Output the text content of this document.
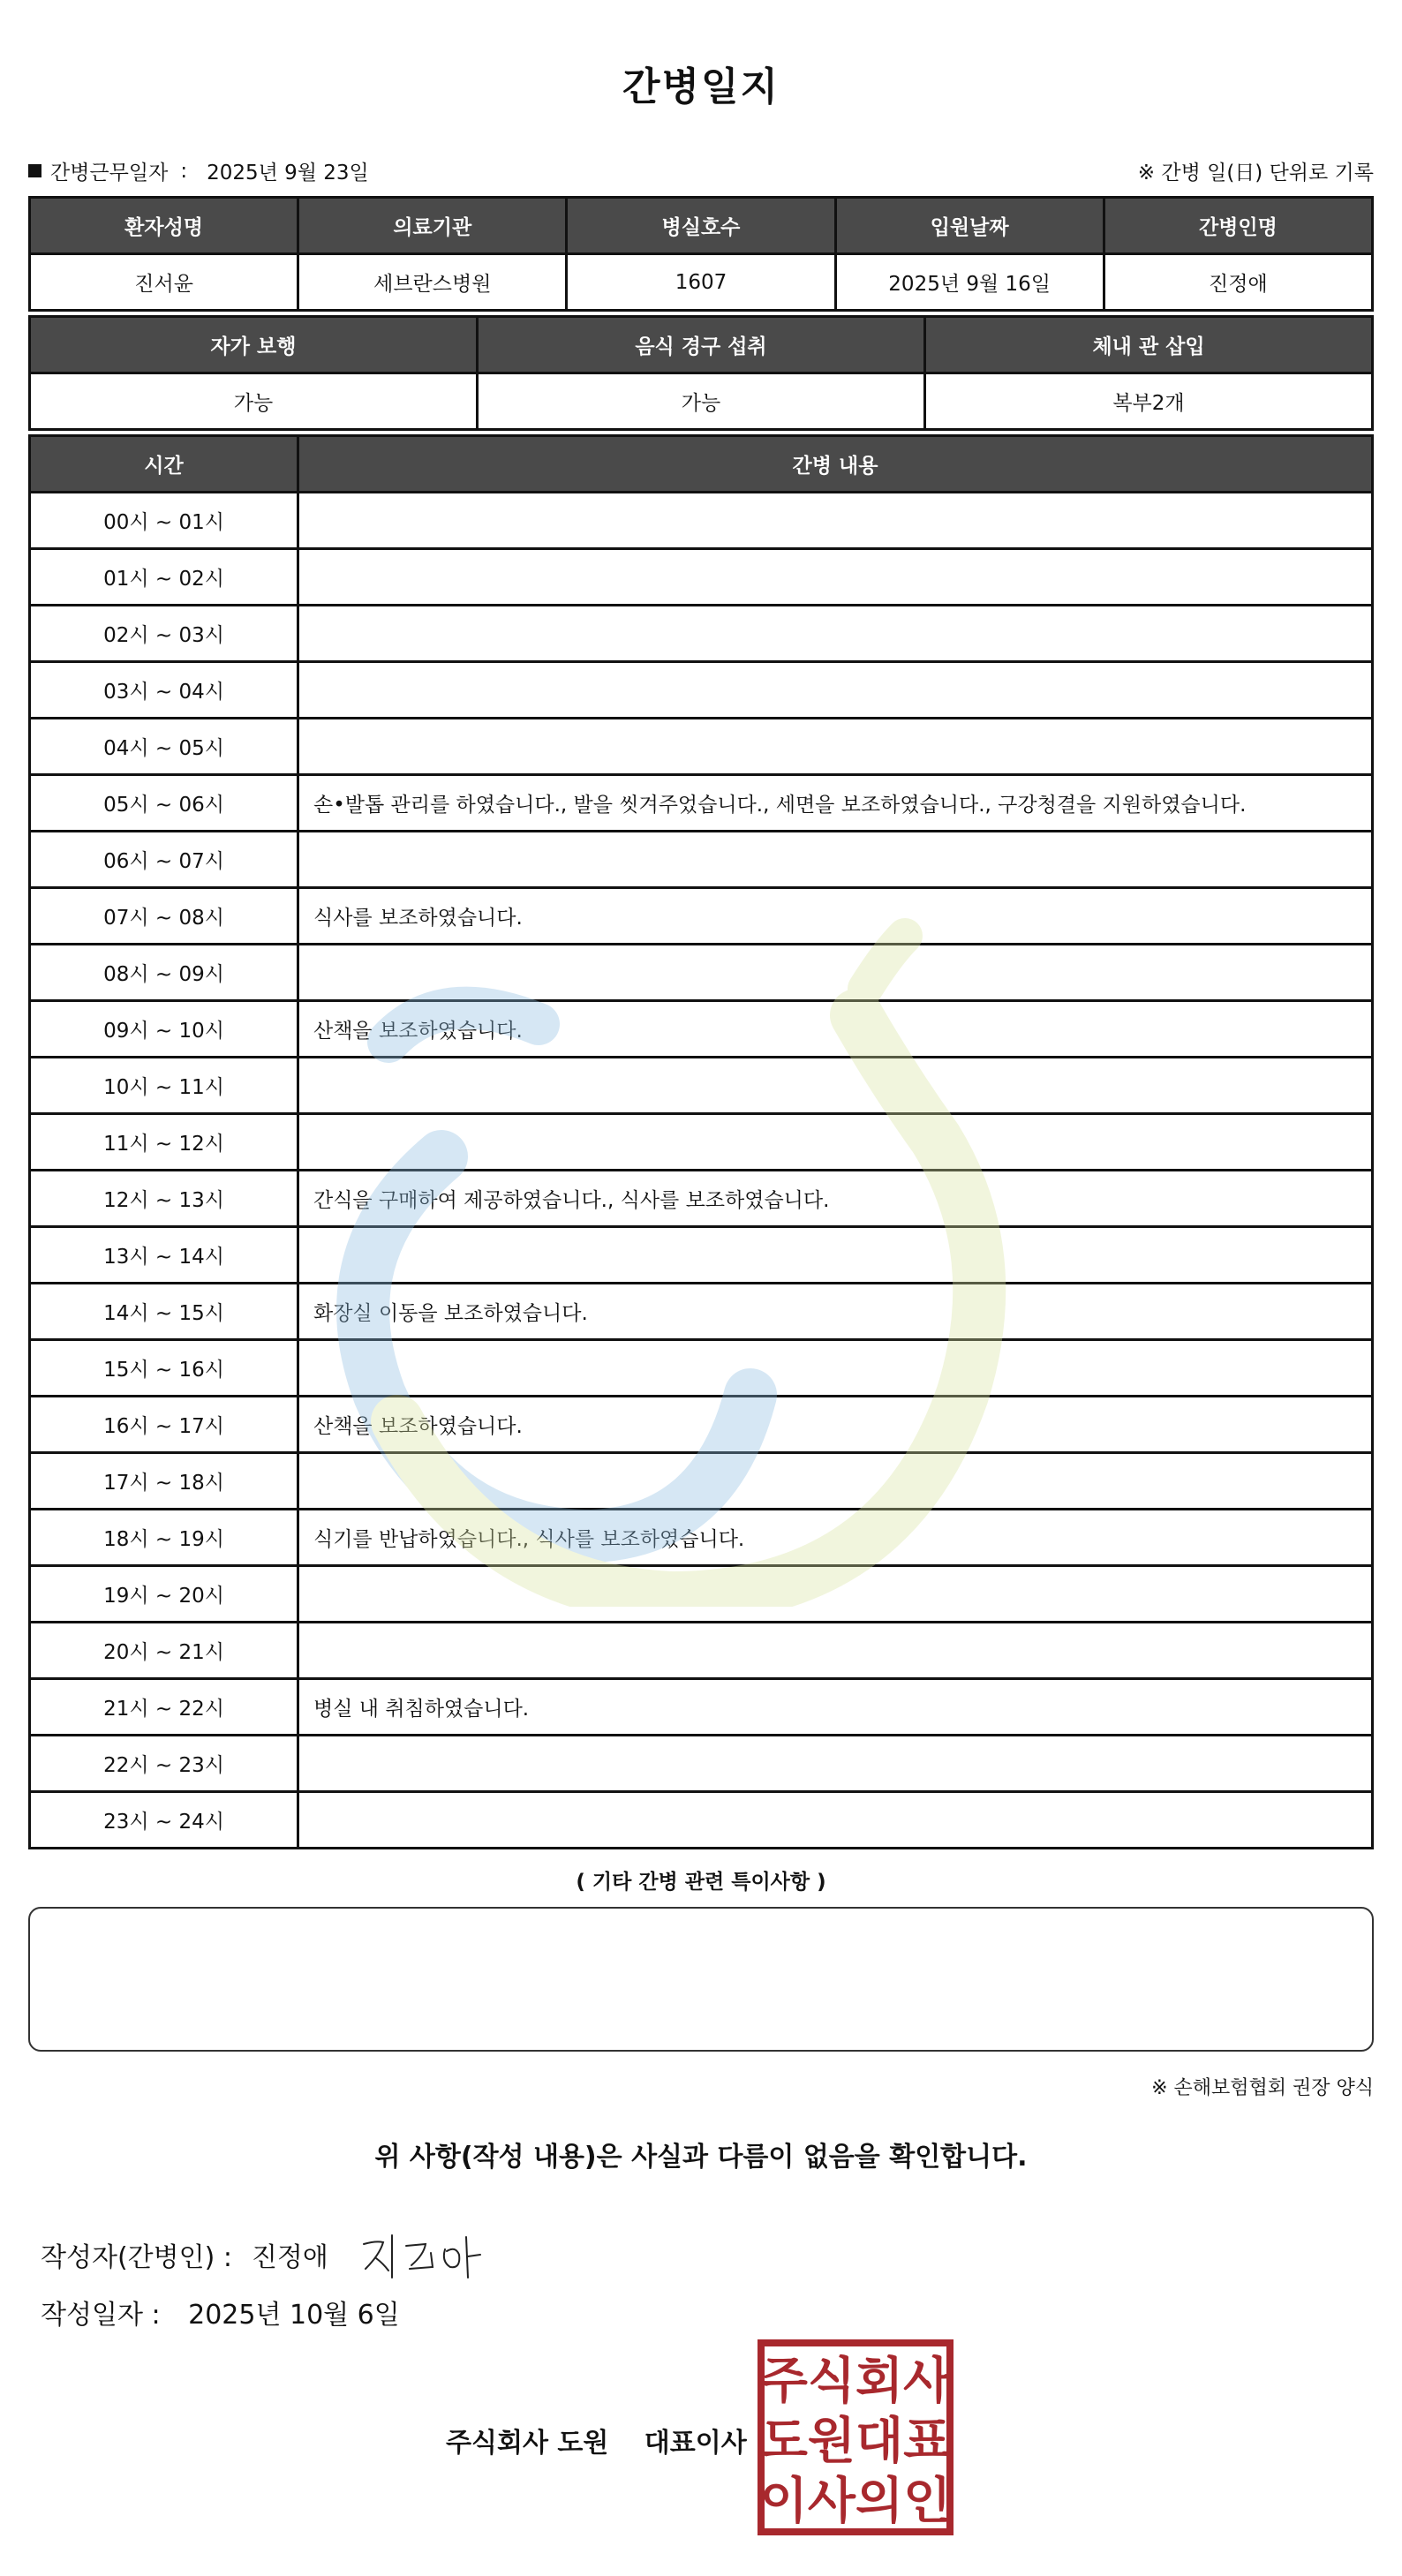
간병일지
간병근무일자 : 2025년 9월 23일	※ 간병 일(日) 단위로 기록
환자성명	의료기관	병실호수	입원날짜	간병인명
진서윤	세브란스병원	1607	2025년 9월 16일	진정애
자가 보행	음식 경구 섭취	체내 관 삽입
가능	가능	복부2개
시간	간병 내용
00시 ~ 01시	
01시 ~ 02시	
02시 ~ 03시	
03시 ~ 04시	
04시 ~ 05시	
05시 ~ 06시	손•발톱 관리를 하였습니다., 발을 씻겨주었습니다., 세면을 보조하였습니다., 구강청결을 지원하였습니다.
06시 ~ 07시	
07시 ~ 08시	식사를 보조하였습니다.
08시 ~ 09시	
09시 ~ 10시	산책을 보조하였습니다.
10시 ~ 11시	
11시 ~ 12시	
12시 ~ 13시	간식을 구매하여 제공하였습니다., 식사를 보조하였습니다.
13시 ~ 14시	
14시 ~ 15시	화장실 이동을 보조하였습니다.
15시 ~ 16시	
16시 ~ 17시	산책을 보조하였습니다.
17시 ~ 18시	
18시 ~ 19시	식기를 반납하였습니다., 식사를 보조하였습니다.
19시 ~ 20시	
20시 ~ 21시	
21시 ~ 22시	병실 내 취침하였습니다.
22시 ~ 23시	
23시 ~ 24시	
( 기타 간병 관련 특이사항 )
※ 손해보험협회 권장 양식
위 사항(작성 내용)은 사실과 다름이 없음을 확인합니다.
작성자(간병인) : 진정애
작성일자 : 2025년 10월 6일
주식회사 도원 대표이사
주식회사
도원대표
이사의인
